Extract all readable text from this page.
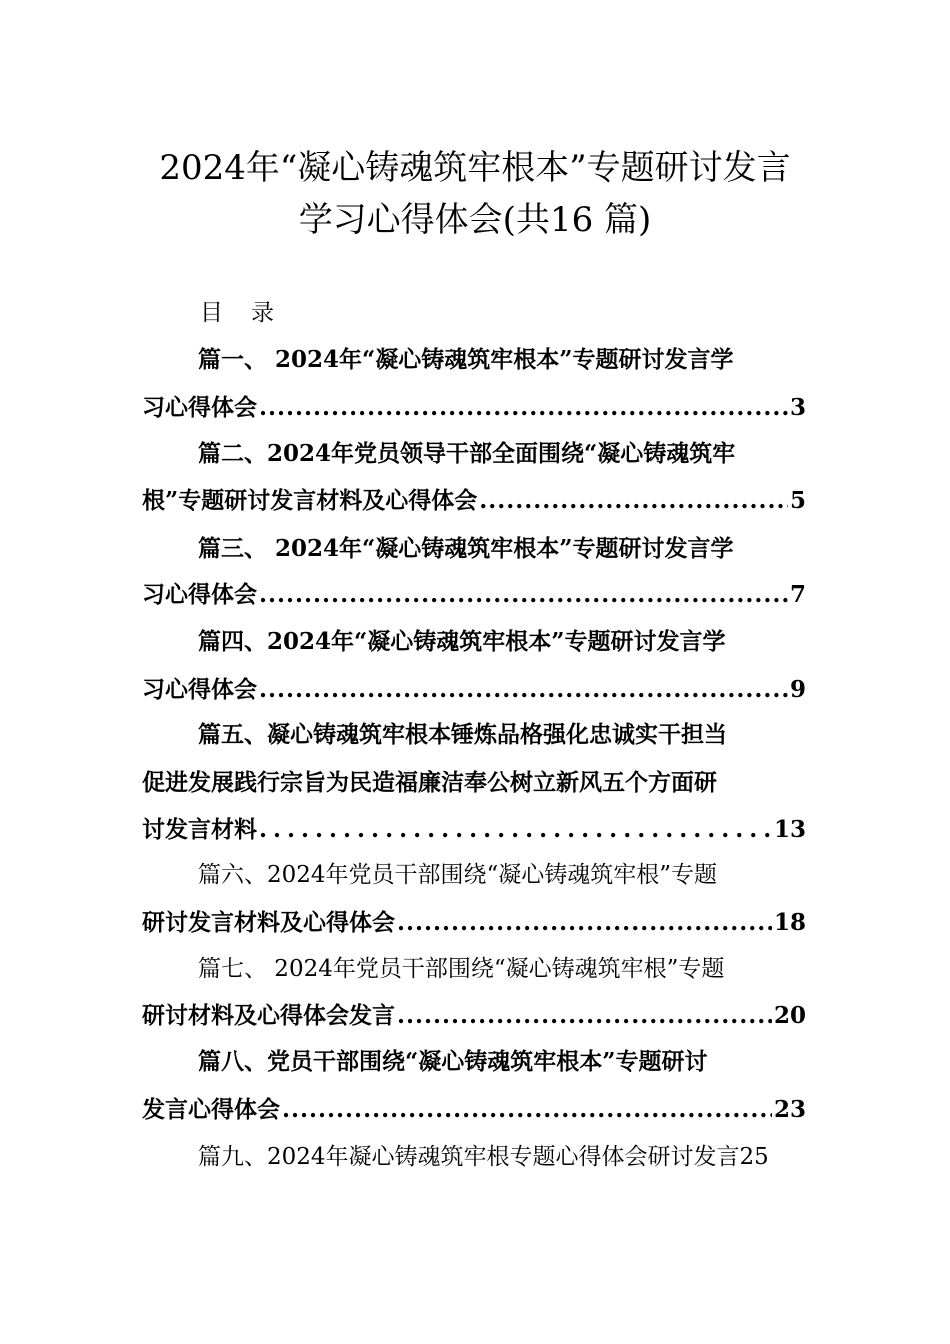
2024年“凝心铸魂筑牢根本”专题研讨发言
学习心得体会(共16 篇)
目 录
篇一、 2024年“凝心铸魂筑牢根本”专题研讨发言学
习心得体会 .....	3
篇二、2024年党员领导干部全面围绕“凝心铸魂筑牢
根”专题研讨发言材料及心得体会 .....	5
篇三、 2024年“凝心铸魂筑牢根本”专题研讨发言学
习心得体会 .....	7
篇四、2024年“凝心铸魂筑牢根本”专题研讨发言学
习心得体会 .....	9
篇五、凝心铸魂筑牢根本锤炼品格强化忠诚实干担当
促进发展践行宗旨为民造福廉洁奉公树立新风五个方面研
讨发言材料 .....	13
篇六、2024年党员干部围绕“凝心铸魂筑牢根”专题
研讨发言材料及心得体会 .....	18
篇七、 2024年党员干部围绕“凝心铸魂筑牢根”专题
研讨材料及心得体会发言 .....	20
篇八、党员干部围绕“凝心铸魂筑牢根本”专题研讨
发言心得体会 .....	23
篇九、2024年凝心铸魂筑牢根专题心得体会研讨发言25
